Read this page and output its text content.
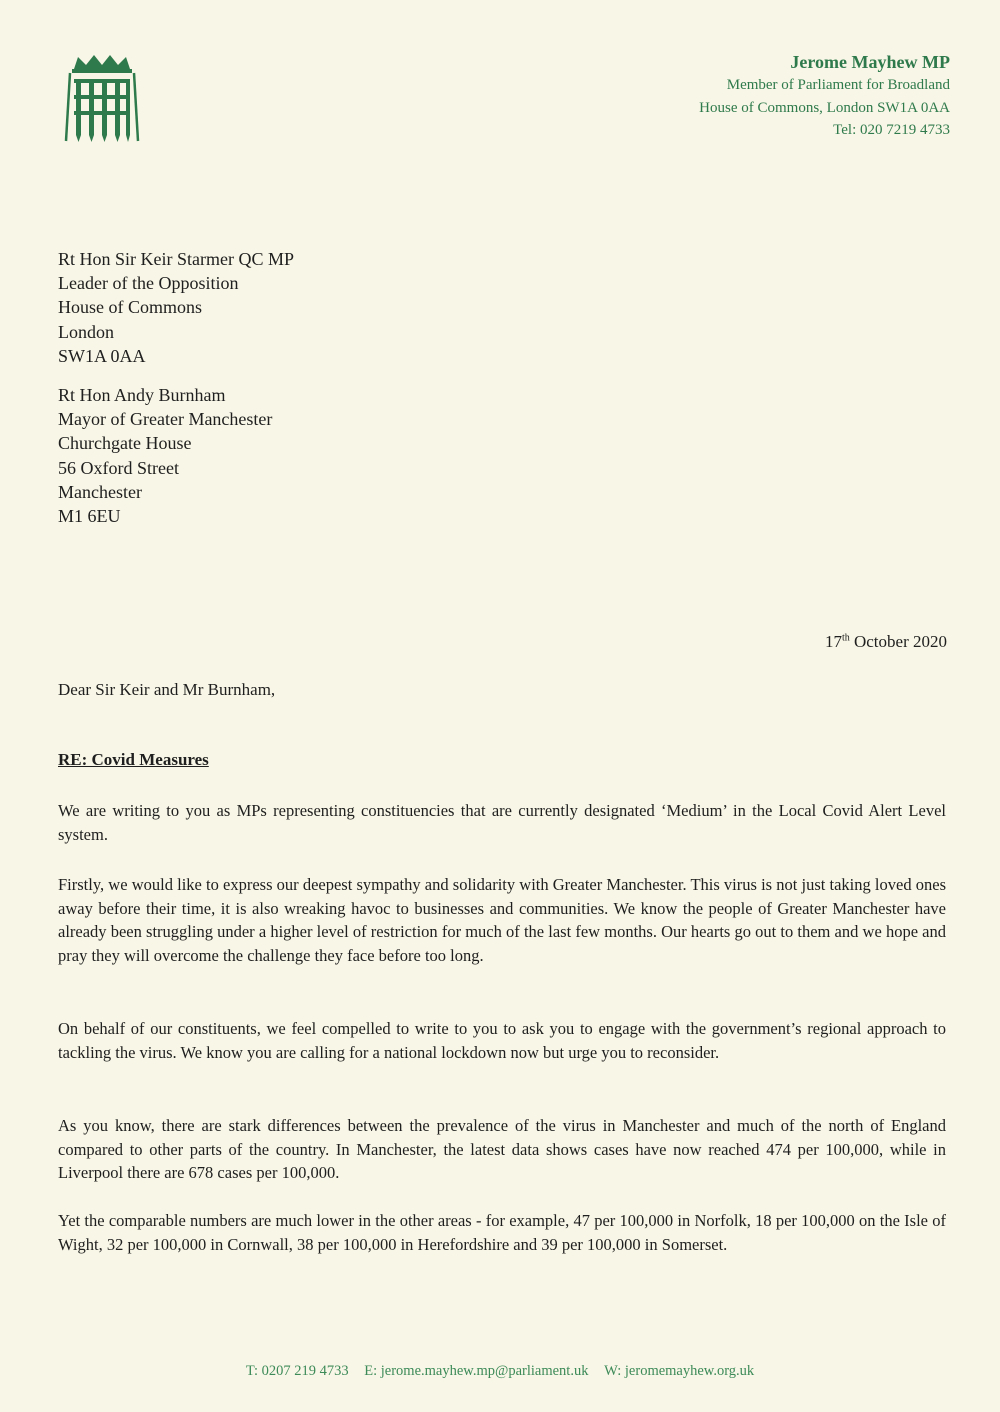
Jerome Mayhew MP
Member of Parliament for Broadland
House of Commons, London SW1A 0AA
Tel: 020 7219 4733
Rt Hon Sir Keir Starmer QC MP
Leader of the Opposition
House of Commons
London
SW1A 0AA
Rt Hon Andy Burnham
Mayor of Greater Manchester
Churchgate House
56 Oxford Street
Manchester
M1 6EU
17th October 2020
Dear Sir Keir and Mr Burnham,
RE: Covid Measures

We are writing to you as MPs representing constituencies that are currently designated ‘Medium’ in the Local Covid Alert Level system.

Firstly, we would like to express our deepest sympathy and solidarity with Greater Manchester. This virus is not just taking loved ones away before their time, it is also wreaking havoc to businesses and communities. We know the people of Greater Manchester have already been struggling under a higher level of restriction for much of the last few months. Our hearts go out to them and we hope and pray they will overcome the challenge they face before too long.

On behalf of our constituents, we feel compelled to write to you to ask you to engage with the government’s regional approach to tackling the virus. We know you are calling for a national lockdown now but urge you to reconsider.

As you know, there are stark differences between the prevalence of the virus in Manchester and much of the north of England compared to other parts of the country. In Manchester, the latest data shows cases have now reached 474 per 100,000, while in Liverpool there are 678 cases per 100,000.

Yet the comparable numbers are much lower in the other areas - for example, 47 per 100,000 in Norfolk, 18 per 100,000 on the Isle of Wight, 32 per 100,000 in Cornwall, 38 per 100,000 in Herefordshire and 39 per 100,000 in Somerset.

T: 0207 219 4733 E: jerome.mayhew.mp@parliament.uk W: jeromemayhew.org.uk
